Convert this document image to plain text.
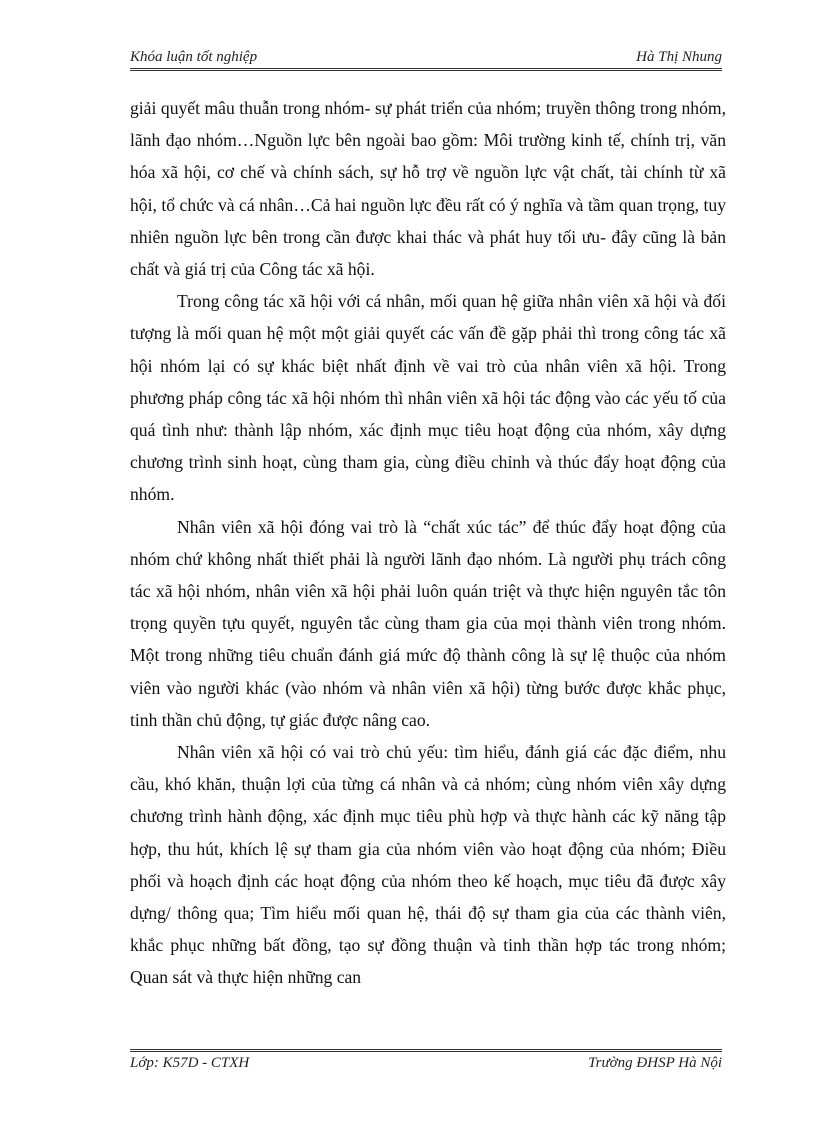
Khóa luận tốt nghiệp	Hà Thị Nhung

giải quyết mâu thuẫn trong nhóm- sự phát triển của nhóm; truyền thông trong nhóm, lãnh đạo nhóm…Nguồn lực bên ngoài bao gồm: Môi trường kinh tế, chính trị, văn hóa xã hội, cơ chế và chính sách, sự hỗ trợ về nguồn lực vật chất, tài chính từ xã hội, tổ chức và cá nhân…Cả hai nguồn lực đều rất có ý nghĩa và tầm quan trọng, tuy nhiên nguồn lực bên trong cần được khai thác và phát huy tối ưu- đây cũng là bản chất và giá trị của Công tác xã hội.

Trong công tác xã hội với cá nhân, mối quan hệ giữa nhân viên xã hội và đối tượng là mối quan hệ một một giải quyết các vấn đề gặp phải thì trong công tác xã hội nhóm lại có sự khác biệt nhất định về vai trò của nhân viên xã hội. Trong phương pháp công tác xã hội nhóm thì nhân viên xã hội tác động vào các yếu tố của quá tình như: thành lập nhóm, xác định mục tiêu hoạt động của nhóm, xây dựng chương trình sinh hoạt, cùng tham gia, cùng điều chỉnh và thúc đẩy hoạt động của nhóm.

Nhân viên xã hội đóng vai trò là “chất xúc tác” để thúc đẩy hoạt động của nhóm chứ không nhất thiết phải là người lãnh đạo nhóm. Là người phụ trách công tác xã hội nhóm, nhân viên xã hội phải luôn quán triệt và thực hiện nguyên tắc tôn trọng quyền tựu quyết, nguyên tắc cùng tham gia của mọi thành viên trong nhóm. Một trong những tiêu chuẩn đánh giá mức độ thành công là sự lệ thuộc của nhóm viên vào người khác (vào nhóm và nhân viên xã hội) từng bước được khắc phục, tinh thần chủ động, tự giác được nâng cao.

Nhân viên xã hội có vai trò chủ yếu: tìm hiểu, đánh giá các đặc điểm, nhu cầu, khó khăn, thuận lợi của từng cá nhân và cả nhóm; cùng nhóm viên xây dựng chương trình hành động, xác định mục tiêu phù hợp và thực hành các kỹ năng tập hợp, thu hút, khích lệ sự tham gia của nhóm viên vào hoạt động của nhóm; Điều phối và hoạch định các hoạt động của nhóm theo kế hoạch, mục tiêu đã được xây dựng/ thông qua; Tìm hiểu mối quan hệ, thái độ sự tham gia của các thành viên, khắc phục những bất đồng, tạo sự đồng thuận và tinh thần hợp tác trong nhóm; Quan sát và thực hiện những can

Lớp: K57D - CTXH	Trường ĐHSP Hà Nội
